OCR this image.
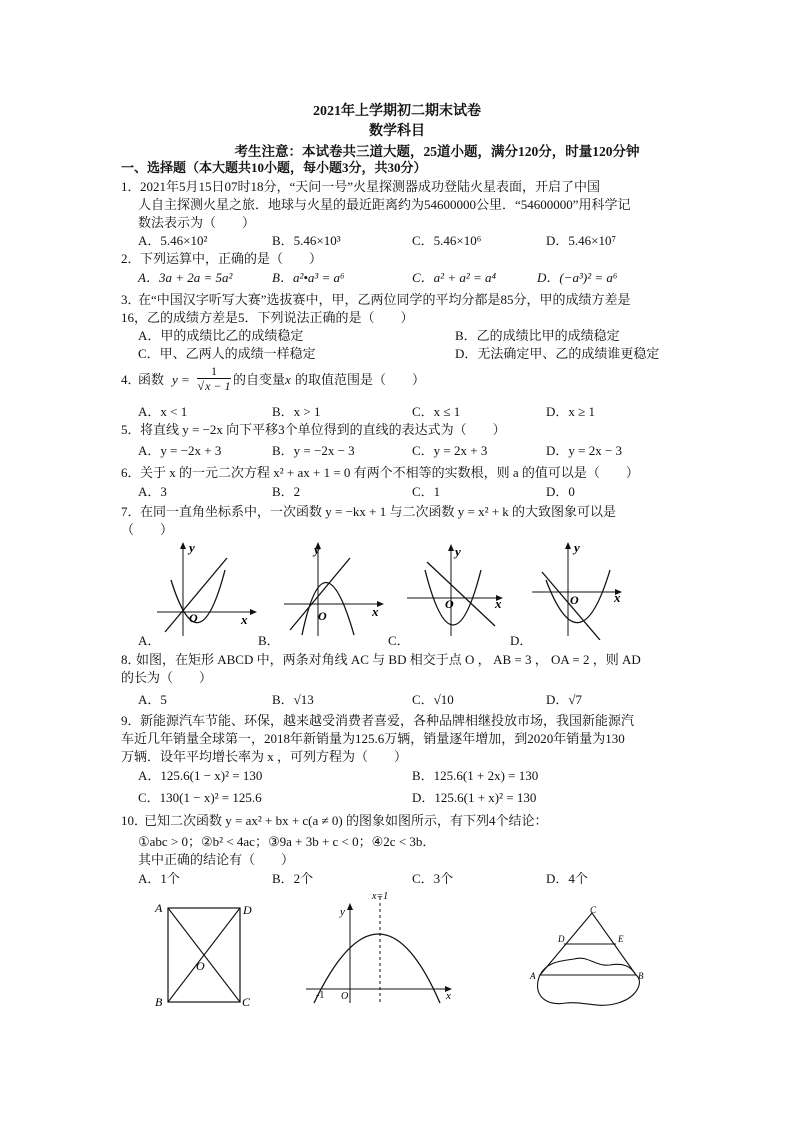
2021年上学期初二期末试卷
数学科目
考生注意：本试卷共三道大题，25道小题，满分120分，时量120分钟
一、选择题（本大题共10小题，每小题3分，共30分）
1． 2021年5月15日07时18分，“天问一号”火星探测器成功登陆火星表面，开启了中国
人自主探测火星之旅．地球与火星的最近距离约为54600000公里．“54600000”用科学记
数法表示为（　　）
A．5.46×10²	B．5.46×10³	C．5.46×10⁶	D．5.46×10⁷
2． 下列运算中，正确的是（　　）
A．3a + 2a = 5a²	B．a²•a³ = a⁶	C．a² + a² = a⁴	D．(−a³)² = a⁶
3．
在“中国汉字听写大赛”选拔赛中，甲，乙两位同学的平均分都是85分，甲的成绩方差是
16，乙的成绩方差是5．下列说法正确的是（　　）
A．甲的成绩比乙的成绩稳定	B．乙的成绩比甲的成绩稳定
C．甲、乙两人的成绩一样稳定	D．无法确定甲、乙的成绩谁更稳定
4．
函数 $y = \frac{1}{√x - 1}$ 的自变量 x 的取值范围是（　　）
A．x < 1	B．x > 1	C．x ≤ 1	D．x ≥ 1
5． 将直线 y = −2x 向下平移3个单位得到的直线的表达式为（　　）
A．y = −2x + 3	B．y = −2x − 3	C．y = 2x + 3	D．y = 2x − 3
6． 关于 x 的一元二次方程 x² + ax + 1 = 0 有两个不相等的实数根，则 a 的值可以是（　　）
A．3	B．2	C．1	D．0
7． 在同一直角坐标系中，一次函数 y = −kx + 1 与二次函数 y = x² + k 的大致图象可以是
（　　）
y
x
O
y
x
O
y
x
O
y
x
O
A．	B．	C．	D．
8．
如图，在矩形 ABCD 中，两条对角线 AC 与 BD 相交于点 O ， AB = 3 ， OA = 2 ，则 AD
的长为（　　）
A．5	B．√13	C．√10	D．√7
9． 新能源汽车节能、环保，越来越受消费者喜爱，各种品牌相继投放市场，我国新能源汽
车近几年销量全球第一，2018年新销量为125.6万辆，销量逐年增加，到2020年销量为130
万辆．设年平均增长率为 x ，可列方程为（　　）
A．125.6(1 − x)² = 130	B．125.6(1 + 2x) = 130
C．130(1 − x)² = 125.6	D．125.6(1 + x)² = 130
10．
已知二次函数 y = ax² + bx + c(a ≠ 0) 的图象如图所示，有下列4个结论：
①abc > 0；②b² < 4ac；③9a + 3b + c < 0；④2c < 3b．
其中正确的结论有（　　）
A．1个	B．2个	C．3个	D．4个
A	D
B	C
O
x=1
y
x
O
-1
C
D	E
A	B
